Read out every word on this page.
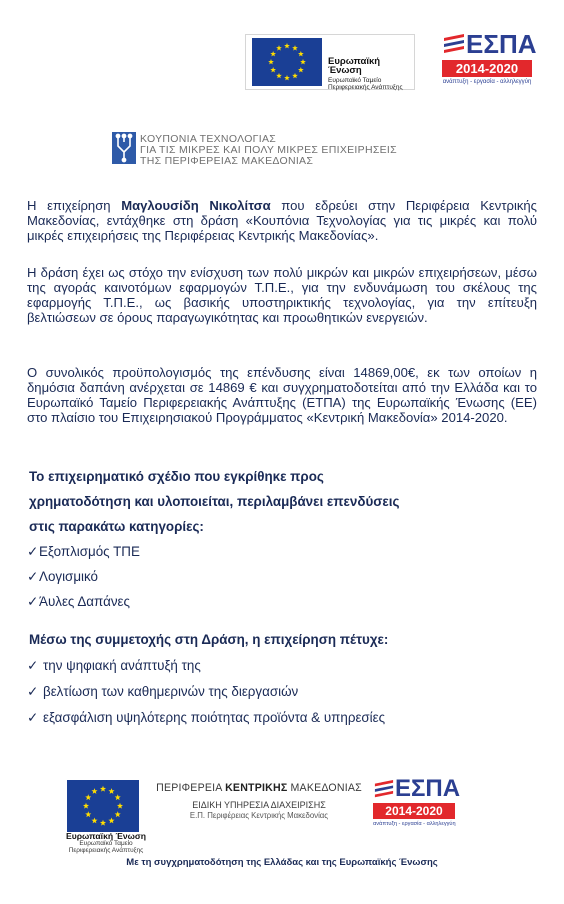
Ευρωπαϊκή Ένωση
Ευρωπαϊκό Ταμείο
Περιφερειακής Ανάπτυξης
ΕΣΠΑ
2014-2020
ανάπτυξη - εργασία - αλληλεγγύη
ΚΟΥΠΟΝΙΑ ΤΕΧΝΟΛΟΓΙΑΣ
ΓΙΑ ΤΙΣ ΜΙΚΡΕΣ ΚΑΙ ΠΟΛΥ ΜΙΚΡΕΣ ΕΠΙΧΕΙΡΗΣΕΙΣ
ΤΗΣ ΠΕΡΙΦΕΡΕΙΑΣ ΜΑΚΕΔΟΝΙΑΣ
Η επιχείρηση Μαγλουσίδη Νικολίτσα που εδρεύει στην Περιφέρεια Κεντρικής Μακεδονίας, εντάχθηκε στη δράση «Κουπόνια Τεχνολογίας για τις μικρές και πολύ μικρές επιχειρήσεις της Περιφέρειας Κεντρικής Μακεδονίας».
Η δράση έχει ως στόχο την ενίσχυση των πολύ μικρών και μικρών επιχειρήσεων, μέσω της αγοράς καινοτόμων εφαρμογών Τ.Π.Ε., για την ενδυνάμωση του σκέλους της εφαρμογής Τ.Π.Ε., ως βασικής υποστηρικτικής τεχνολογίας, για την επίτευξη βελτιώσεων σε όρους παραγωγικότητας και προωθητικών ενεργειών.
Ο συνολικός προϋπολογισμός της επένδυσης είναι 14869,00€, εκ των οποίων η δημόσια δαπάνη ανέρχεται σε 14869 € και συγχρηματοδοτείται από την Ελλάδα και το Ευρωπαϊκό Ταμείο Περιφερειακής Ανάπτυξης (ΕΤΠΑ) της Ευρωπαϊκής Ένωσης (ΕΕ) στο πλαίσιο του Επιχειρησιακού Προγράμματος «Κεντρική Μακεδονία» 2014-2020.
Το επιχειρηματικό σχέδιο που εγκρίθηκε προς
χρηματοδότηση και υλοποιείται, περιλαμβάνει επενδύσεις
στις παρακάτω κατηγορίες:
✓Εξοπλισμός ΤΠΕ
✓Λογισμικό
✓Άυλες Δαπάνες
Μέσω της συμμετοχής στη Δράση, η επιχείρηση πέτυχε:
✓ την ψηφιακή ανάπτυξή της
✓ βελτίωση των καθημερινών της διεργασιών
✓ εξασφάλιση υψηλότερης ποιότητας προϊόντα & υπηρεσίες
Ευρωπαϊκή Ένωση
Ευρωπαϊκό Ταμείο
Περιφερειακής Ανάπτυξης
ΠΕΡΙΦΕΡΕΙΑ ΚΕΝΤΡΙΚΗΣ ΜΑΚΕΔΟΝΙΑΣ
ΕΙΔΙΚΗ ΥΠΗΡΕΣΙΑ ΔΙΑΧΕΙΡΙΣΗΣ
Ε.Π. Περιφέρειας Κεντρικής Μακεδονίας
ΕΣΠΑ
2014-2020
ανάπτυξη - εργασία - αλληλεγγύη
Με τη συγχρηματοδότηση της Ελλάδας και της Ευρωπαϊκής Ένωσης
